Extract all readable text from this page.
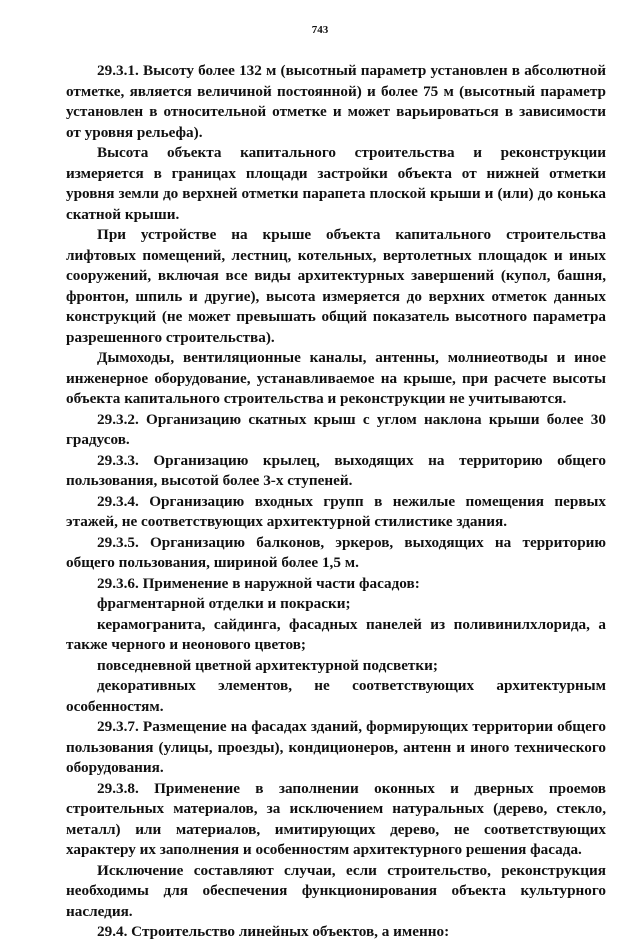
743

29.3.1. Высоту более 132 м (высотный параметр установлен в абсолютной отметке, является величиной постоянной) и более 75 м (высотный параметр установлен в относительной отметке и может варьироваться в зависимости от уровня рельефа).

Высота объекта капитального строительства и реконструкции измеряется в границах площади застройки объекта от нижней отметки уровня земли до верхней отметки парапета плоской крыши и (или) до конька скатной крыши.

При устройстве на крыше объекта капитального строительства лифтовых помещений, лестниц, котельных, вертолетных площадок и иных сооружений, включая все виды архитектурных завершений (купол, башня, фронтон, шпиль и другие), высота измеряется до верхних отметок данных конструкций (не может превышать общий показатель высотного параметра разрешенного строительства).

Дымоходы, вентиляционные каналы, антенны, молниеотводы и иное инженерное оборудование, устанавливаемое на крыше, при расчете высоты объекта капитального строительства и реконструкции не учитываются.

29.3.2. Организацию скатных крыш с углом наклона крыши более 30 градусов.

29.3.3. Организацию крылец, выходящих на территорию общего пользования, высотой более 3-х ступеней.

29.3.4. Организацию входных групп в нежилые помещения первых этажей, не соответствующих архитектурной стилистике здания.

29.3.5. Организацию балконов, эркеров, выходящих на территорию общего пользования, шириной более 1,5 м.

29.3.6. Применение в наружной части фасадов:

фрагментарной отделки и покраски;

керамогранита, сайдинга, фасадных панелей из поливинилхлорида, а также черного и неонового цветов;

повседневной цветной архитектурной подсветки;

декоративных элементов, не соответствующих архитектурным особенностям.

29.3.7. Размещение на фасадах зданий, формирующих территории общего пользования (улицы, проезды), кондиционеров, антенн и иного технического оборудования.

29.3.8. Применение в заполнении оконных и дверных проемов строительных материалов, за исключением натуральных (дерево, стекло, металл) или материалов, имитирующих дерево, не соответствующих характеру их заполнения и особенностям архитектурного решения фасада.

Исключение составляют случаи, если строительство, реконструкция необходимы для обеспечения функционирования объекта культурного наследия.

29.4. Строительство линейных объектов, а именно:
